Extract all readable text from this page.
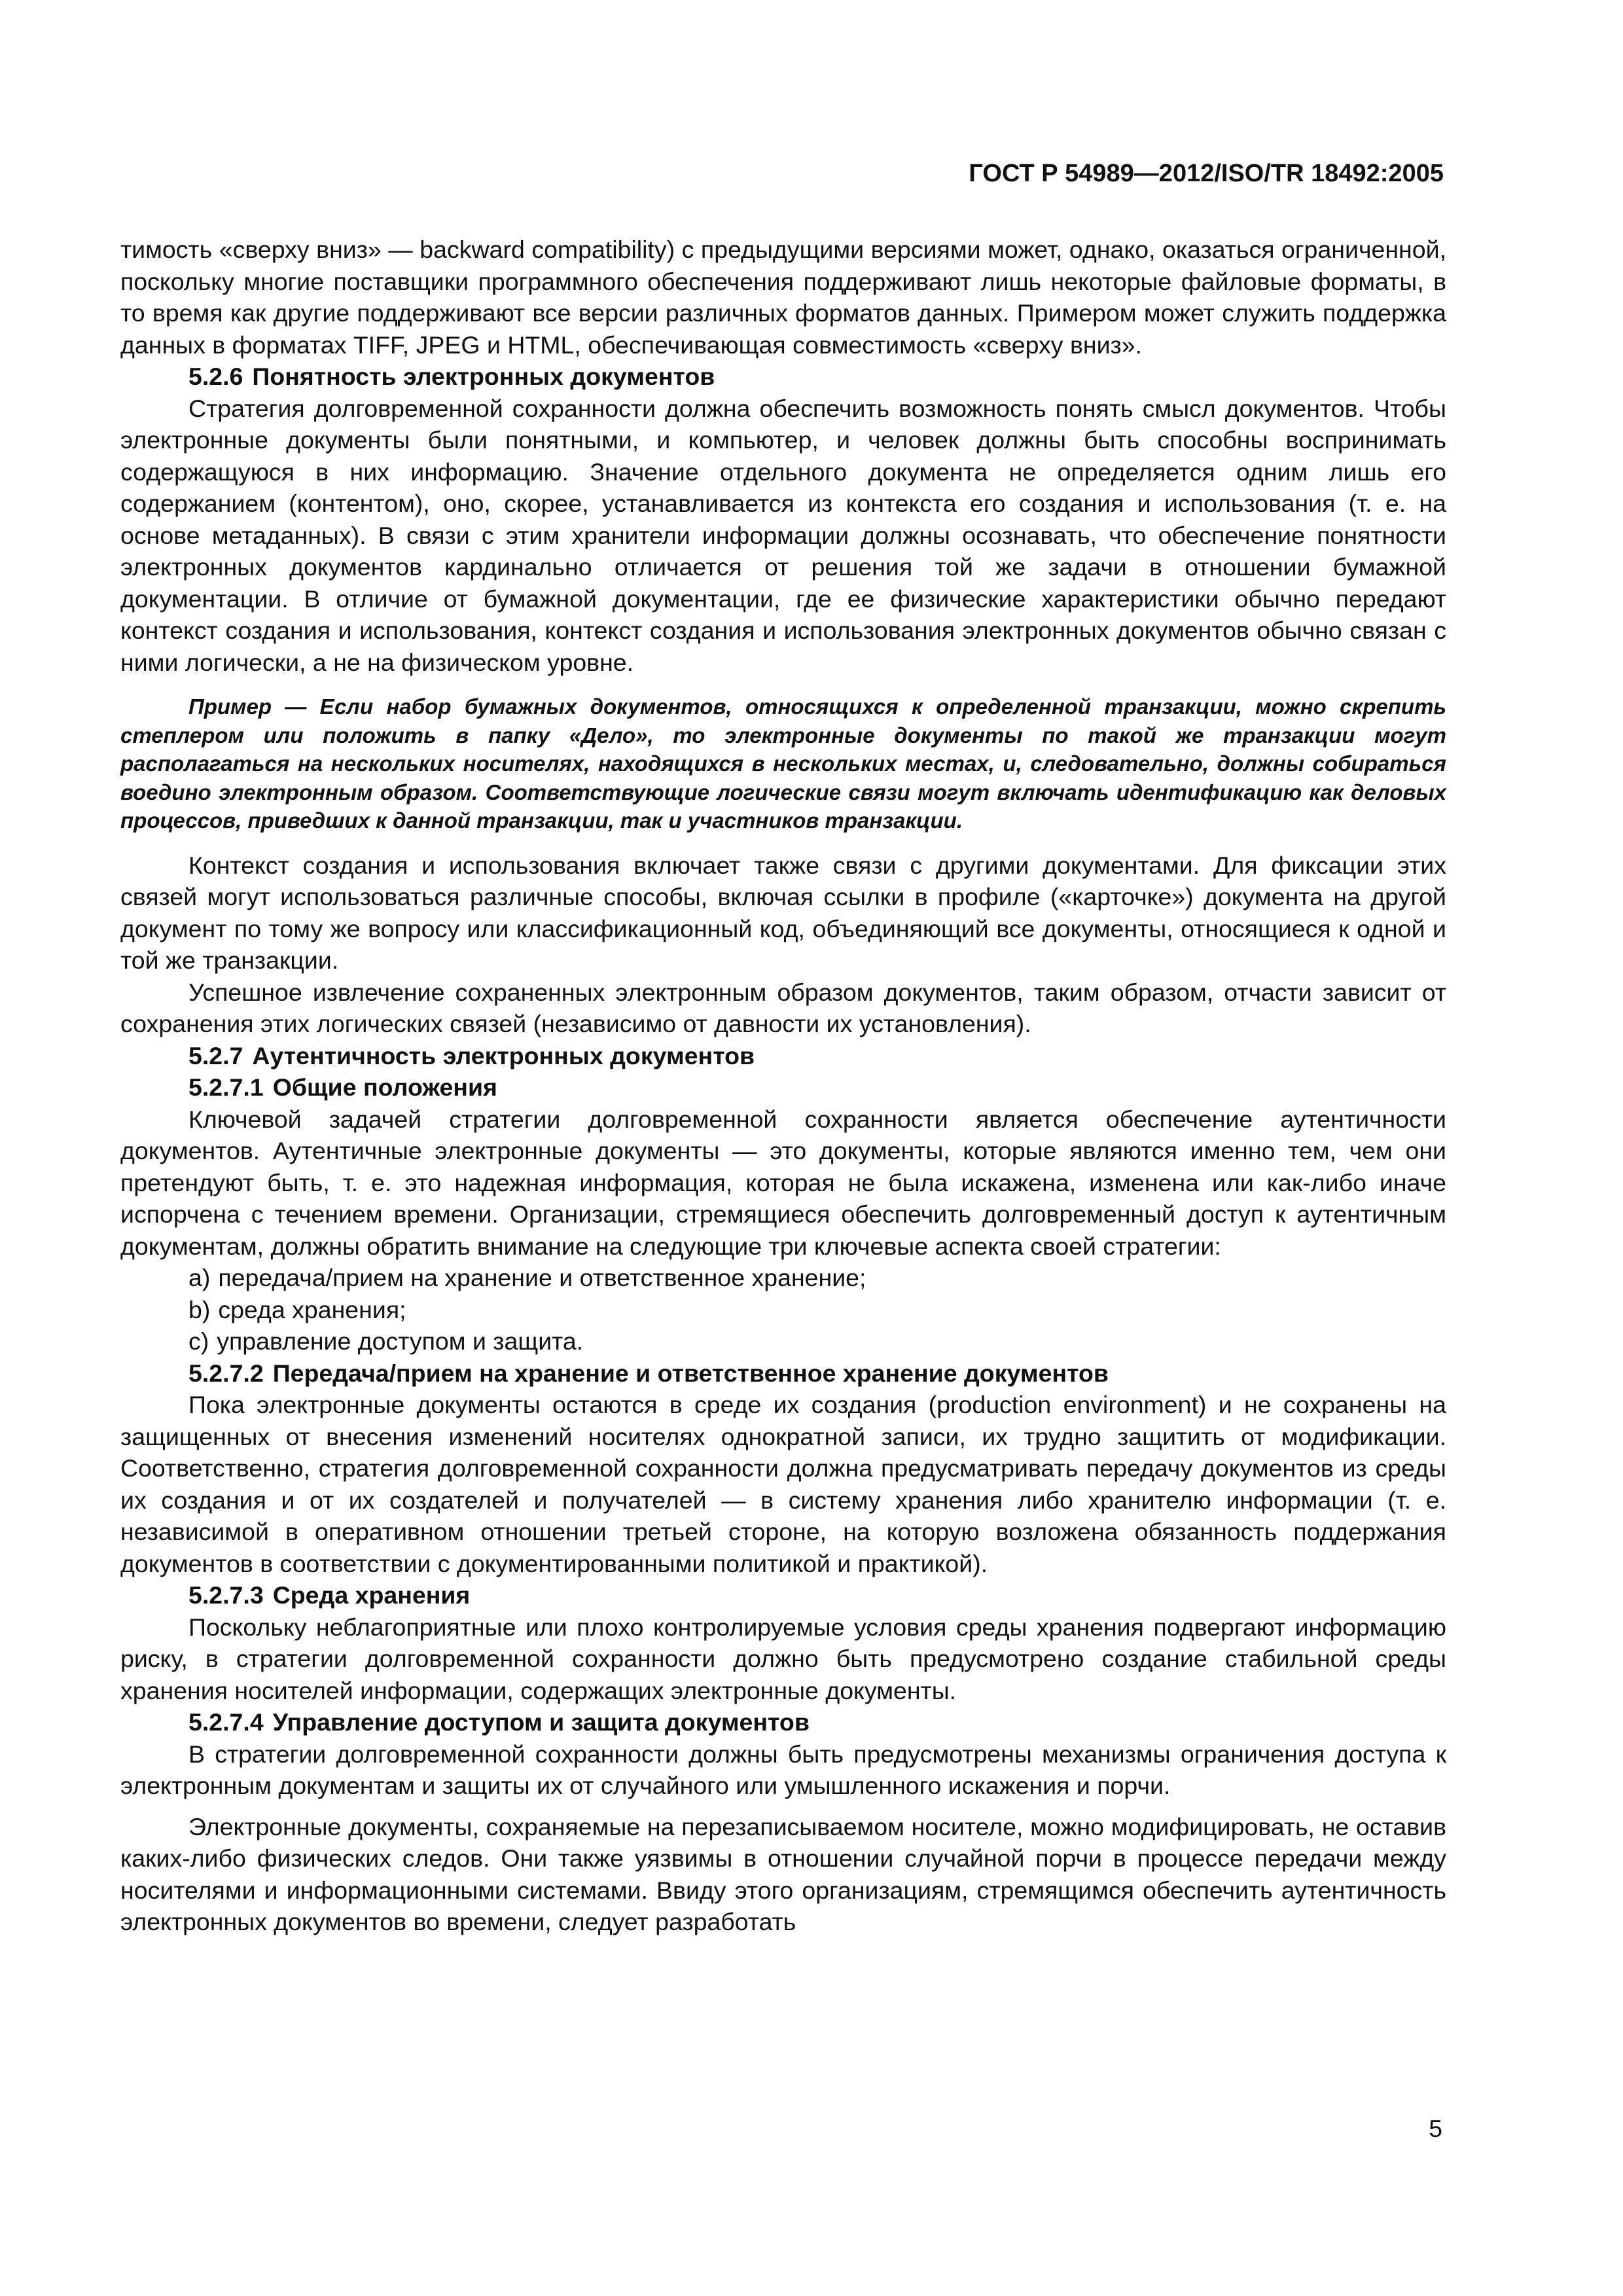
ГОСТ Р 54989—2012/ISO/TR 18492:2005

тимость «сверху вниз» — backward compatibility) с предыдущими версиями может, однако, оказаться ограниченной, поскольку многие поставщики программного обеспечения поддерживают лишь некоторые файловые форматы, в то время как другие поддерживают все версии различных форматов данных. Примером может служить поддержка данных в форматах TIFF, JPEG и HTML, обеспечивающая совместимость «сверху вниз».

5.2.6 Понятность электронных документов

Стратегия долговременной сохранности должна обеспечить возможность понять смысл документов. Чтобы электронные документы были понятными, и компьютер, и человек должны быть способны воспринимать содержащуюся в них информацию. Значение отдельного документа не определяется одним лишь его содержанием (контентом), оно, скорее, устанавливается из контекста его создания и использования (т. е. на основе метаданных). В связи с этим хранители информации должны осознавать, что обеспечение понятности электронных документов кардинально отличается от решения той же задачи в отношении бумажной документации. В отличие от бумажной документации, где ее физические характеристики обычно передают контекст создания и использования, контекст создания и использования электронных документов обычно связан с ними логически, а не на физическом уровне.

Пример — Если набор бумажных документов, относящихся к определенной транзакции, можно скрепить степлером или положить в папку «Дело», то электронные документы по такой же транзакции могут располагаться на нескольких носителях, находящихся в нескольких местах, и, следовательно, должны собираться воедино электронным образом. Соответствующие логические связи могут включать идентификацию как деловых процессов, приведших к данной транзакции, так и участников транзакции.

Контекст создания и использования включает также связи с другими документами. Для фиксации этих связей могут использоваться различные способы, включая ссылки в профиле («карточке») документа на другой документ по тому же вопросу или классификационный код, объединяющий все документы, относящиеся к одной и той же транзакции.

Успешное извлечение сохраненных электронным образом документов, таким образом, отчасти зависит от сохранения этих логических связей (независимо от давности их установления).

5.2.7 Аутентичность электронных документов

5.2.7.1 Общие положения

Ключевой задачей стратегии долговременной сохранности является обеспечение аутентичности документов. Аутентичные электронные документы — это документы, которые являются именно тем, чем они претендуют быть, т. е. это надежная информация, которая не была искажена, изменена или как-либо иначе испорчена с течением времени. Организации, стремящиеся обеспечить долговременный доступ к аутентичным документам, должны обратить внимание на следующие три ключевые аспекта своей стратегии:

a) передача/прием на хранение и ответственное хранение;

b) среда хранения;

c) управление доступом и защита.

5.2.7.2 Передача/прием на хранение и ответственное хранение документов

Пока электронные документы остаются в среде их создания (production environment) и не сохранены на защищенных от внесения изменений носителях однократной записи, их трудно защитить от модификации. Соответственно, стратегия долговременной сохранности должна предусматривать передачу документов из среды их создания и от их создателей и получателей — в систему хранения либо хранителю информации (т. е. независимой в оперативном отношении третьей стороне, на которую возложена обязанность поддержания документов в соответствии с документированными политикой и практикой).

5.2.7.3 Среда хранения

Поскольку неблагоприятные или плохо контролируемые условия среды хранения подвергают информацию риску, в стратегии долговременной сохранности должно быть предусмотрено создание стабильной среды хранения носителей информации, содержащих электронные документы.

5.2.7.4 Управление доступом и защита документов

В стратегии долговременной сохранности должны быть предусмотрены механизмы ограничения доступа к электронным документам и защиты их от случайного или умышленного искажения и порчи.

Электронные документы, сохраняемые на перезаписываемом носителе, можно модифицировать, не оставив каких-либо физических следов. Они также уязвимы в отношении случайной порчи в процессе передачи между носителями и информационными системами. Ввиду этого организациям, стремящимся обеспечить аутентичность электронных документов во времени, следует разработать

5
